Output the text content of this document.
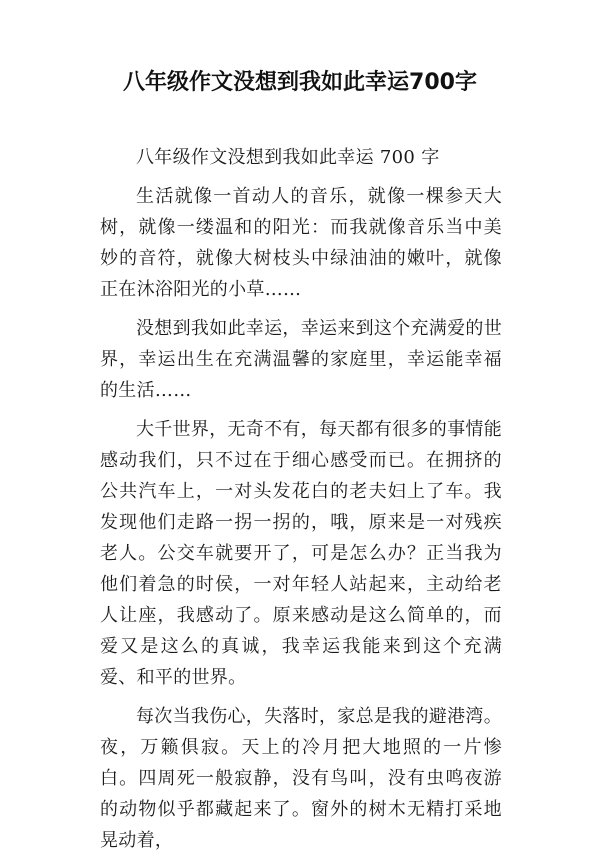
八年级作文没想到我如此幸运700字

八年级作文没想到我如此幸运 700 字

生活就像一首动人的音乐，就像一棵参天大树，就像一缕温和的阳光：而我就像音乐当中美妙的音符，就像大树枝头中绿油油的嫩叶，就像正在沐浴阳光的小草……

没想到我如此幸运，幸运来到这个充满爱的世界，幸运出生在充满温馨的家庭里，幸运能幸福的生活……

大千世界，无奇不有，每天都有很多的事情能感动我们，只不过在于细心感受而已。在拥挤的公共汽车上，一对头发花白的老夫妇上了车。我发现他们走路一拐一拐的，哦，原来是一对残疾老人。公交车就要开了，可是怎么办？正当我为他们着急的时侯，一对年轻人站起来，主动给老人让座，我感动了。原来感动是这么简单的，而爱又是这么的真诚，我幸运我能来到这个充满爱、和平的世界。

每次当我伤心，失落时，家总是我的避港湾。夜，万籁俱寂。天上的冷月把大地照的一片惨白。四周死一般寂静，没有鸟叫，没有虫鸣夜游的动物似乎都藏起来了。窗外的树木无精打采地晃动着，
